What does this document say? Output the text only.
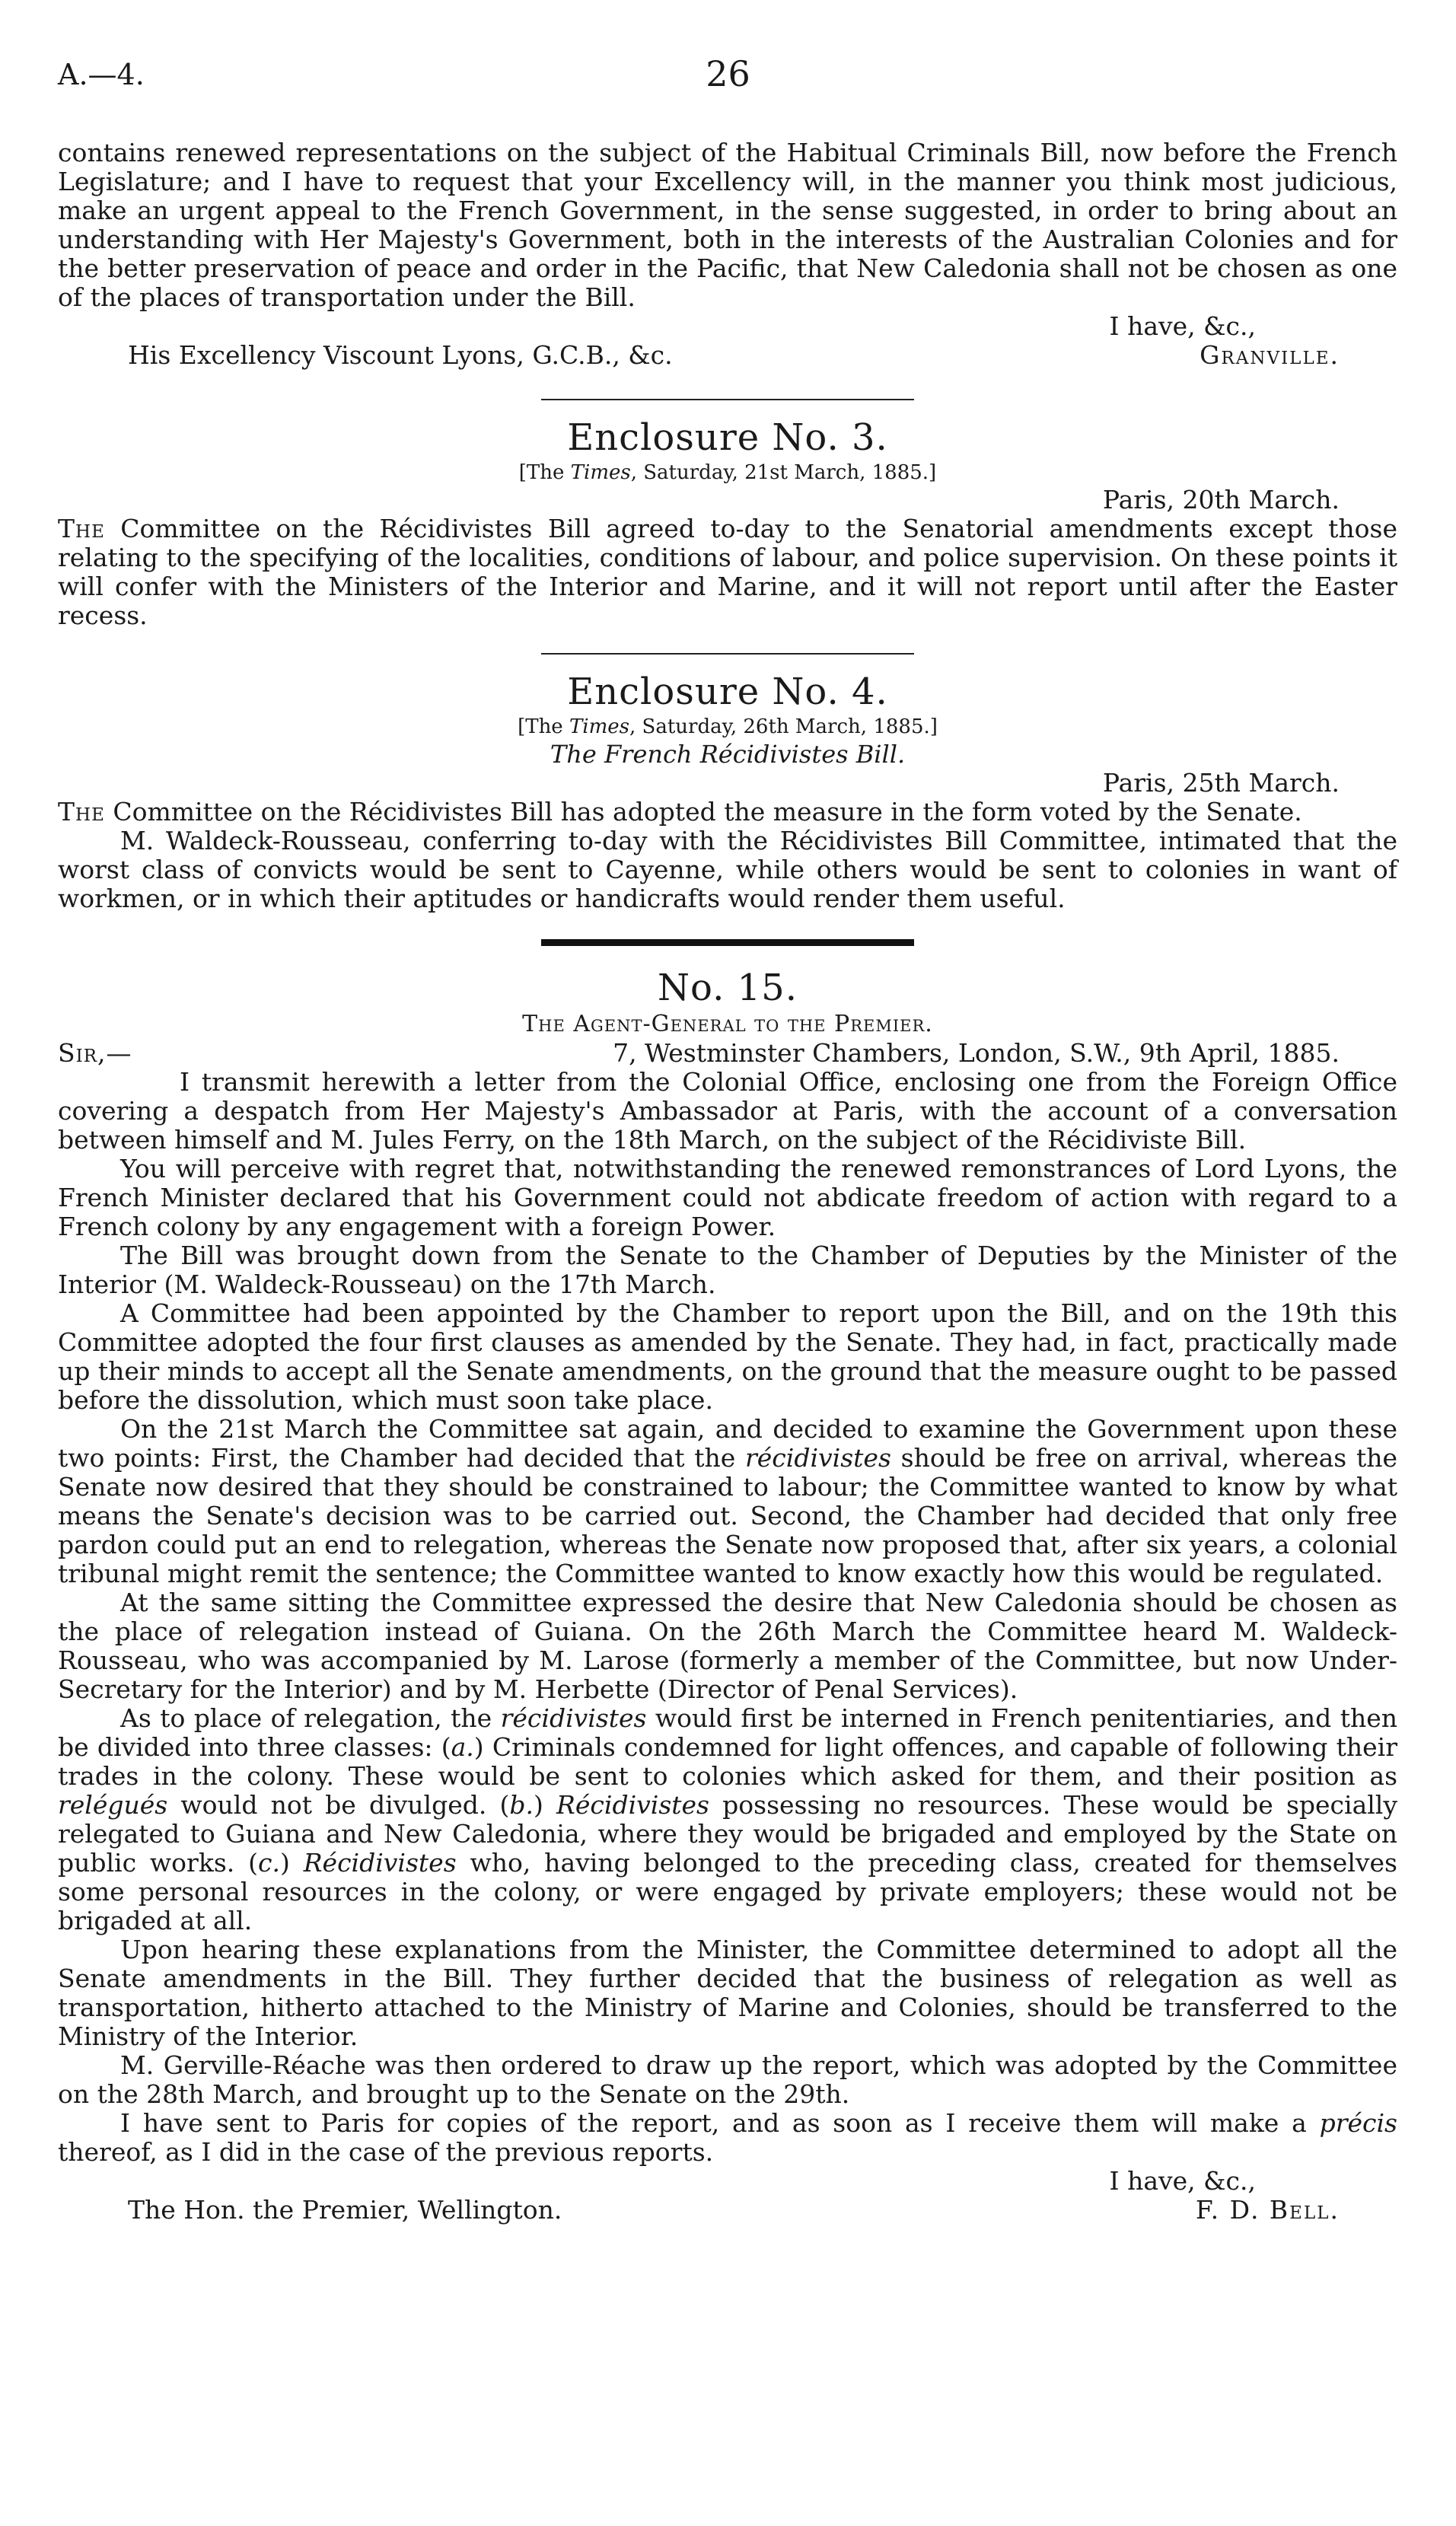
A.—4.	26

contains renewed representations on the subject of the Habitual Criminals Bill, now before the French Legislature; and I have to request that your Excellency will, in the manner you think most judicious, make an urgent appeal to the French Government, in the sense suggested, in order to bring about an understanding with Her Majesty's Government, both in the interests of the Australian Colonies and for the better preservation of peace and order in the Pacific, that New Caledonia shall not be chosen as one of the places of transportation under the Bill.

I have, &c.,
His Excellency Viscount Lyons, G.C.B., &c.	Granville.
Enclosure No. 3.
[The Times, Saturday, 21st March, 1885.]
Paris, 20th March.

The Committee on the Récidivistes Bill agreed to-day to the Senatorial amendments except those relating to the specifying of the localities, conditions of labour, and police supervision. On these points it will confer with the Ministers of the Interior and Marine, and it will not report until after the Easter recess.

Enclosure No. 4.
[The Times, Saturday, 26th March, 1885.]
The French Récidivistes Bill.
Paris, 25th March.

The Committee on the Récidivistes Bill has adopted the measure in the form voted by the Senate.

M. Waldeck-Rousseau, conferring to-day with the Récidivistes Bill Committee, intimated that the worst class of convicts would be sent to Cayenne, while others would be sent to colonies in want of workmen, or in which their aptitudes or handicrafts would render them useful.

No. 15.
The Agent-General to the Premier.
Sir,—	7, Westminster Chambers, London, S.W., 9th April, 1885.

I transmit herewith a letter from the Colonial Office, enclosing one from the Foreign Office covering a despatch from Her Majesty's Ambassador at Paris, with the account of a conversation between himself and M. Jules Ferry, on the 18th March, on the subject of the Récidiviste Bill.

You will perceive with regret that, notwithstanding the renewed remonstrances of Lord Lyons, the French Minister declared that his Government could not abdicate freedom of action with regard to a French colony by any engagement with a foreign Power.

The Bill was brought down from the Senate to the Chamber of Deputies by the Minister of the Interior (M. Waldeck-Rousseau) on the 17th March.

A Committee had been appointed by the Chamber to report upon the Bill, and on the 19th this Committee adopted the four first clauses as amended by the Senate. They had, in fact, practically made up their minds to accept all the Senate amendments, on the ground that the measure ought to be passed before the dissolution, which must soon take place.

On the 21st March the Committee sat again, and decided to examine the Government upon these two points: First, the Chamber had decided that the récidivistes should be free on arrival, whereas the Senate now desired that they should be constrained to labour; the Committee wanted to know by what means the Senate's decision was to be carried out. Second, the Chamber had decided that only free pardon could put an end to relegation, whereas the Senate now proposed that, after six years, a colonial tribunal might remit the sentence; the Committee wanted to know exactly how this would be regulated.

At the same sitting the Committee expressed the desire that New Caledonia should be chosen as the place of relegation instead of Guiana. On the 26th March the Committee heard M. Waldeck-Rousseau, who was accompanied by M. Larose (formerly a member of the Committee, but now Under-Secretary for the Interior) and by M. Herbette (Director of Penal Services).

As to place of relegation, the récidivistes would first be interned in French penitentiaries, and then be divided into three classes: (a.) Criminals condemned for light offences, and capable of following their trades in the colony. These would be sent to colonies which asked for them, and their position as relégués would not be divulged. (b.) Récidivistes possessing no resources. These would be specially relegated to Guiana and New Caledonia, where they would be brigaded and employed by the State on public works. (c.) Récidivistes who, having belonged to the preceding class, created for themselves some personal resources in the colony, or were engaged by private employers; these would not be brigaded at all.

Upon hearing these explanations from the Minister, the Committee determined to adopt all the Senate amendments in the Bill. They further decided that the business of relegation as well as transportation, hitherto attached to the Ministry of Marine and Colonies, should be transferred to the Ministry of the Interior.

M. Gerville-Réache was then ordered to draw up the report, which was adopted by the Committee on the 28th March, and brought up to the Senate on the 29th.

I have sent to Paris for copies of the report, and as soon as I receive them will make a précis thereof, as I did in the case of the previous reports.

I have, &c.,
The Hon. the Premier, Wellington.	F. D. Bell.
